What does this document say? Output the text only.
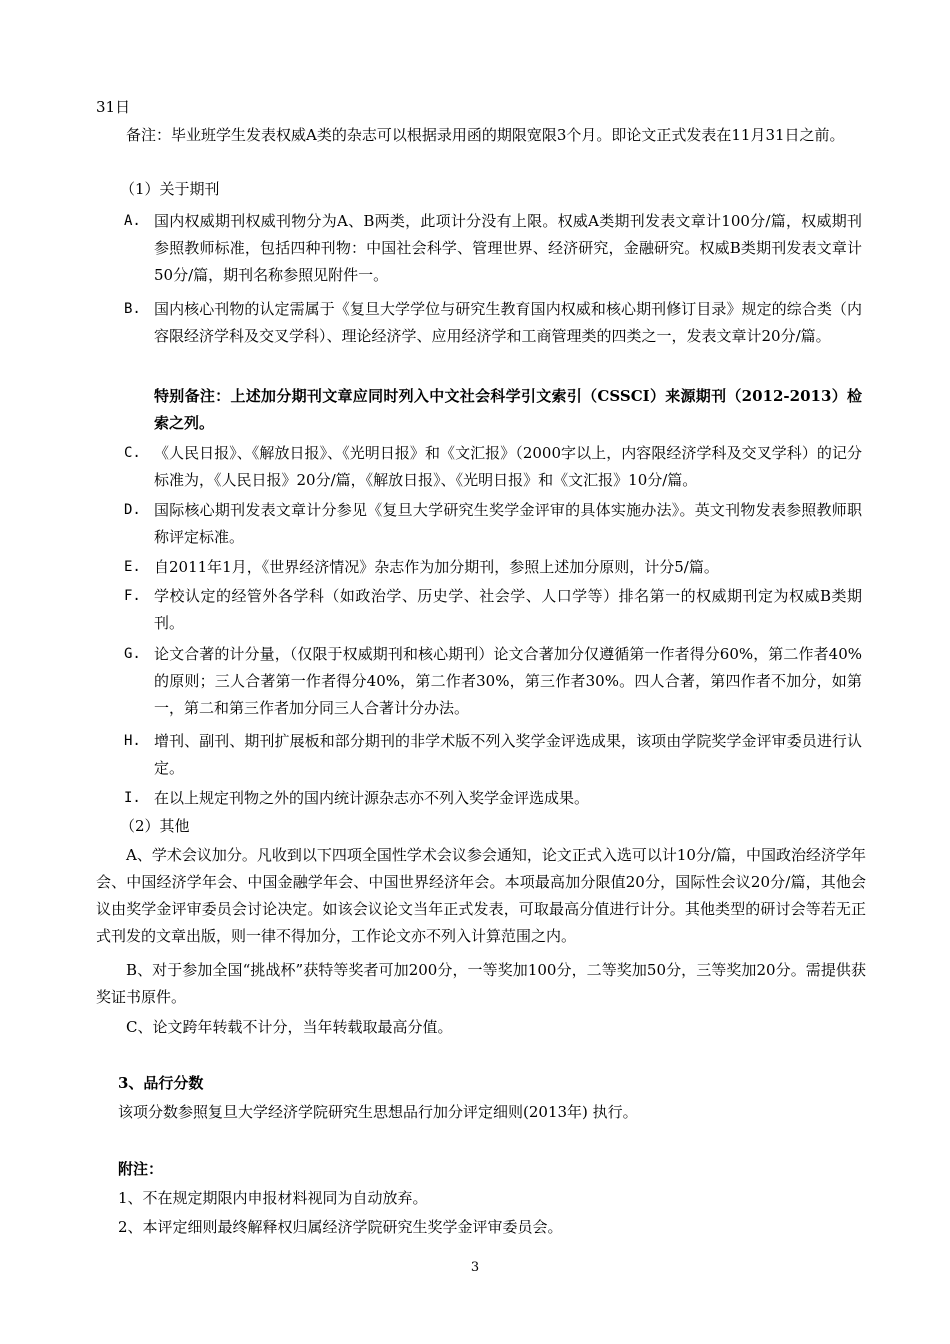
31日

备注：毕业班学生发表权威A类的杂志可以根据录用函的期限宽限3个月。即论文正式发表在11月31日之前。

（1）关于期刊

A. 国内权威期刊权威刊物分为A、B两类，此项计分没有上限。权威A类期刊发表文章计100分/篇，权威期刊参照教师标准，包括四种刊物：中国社会科学、管理世界、经济研究，金融研究。权威B类期刊发表文章计50分/篇，期刊名称参照见附件一。
B. 国内核心刊物的认定需属于《复旦大学学位与研究生教育国内权威和核心期刊修订目录》规定的综合类（内容限经济学科及交叉学科）、理论经济学、应用经济学和工商管理类的四类之一，发表文章计20分/篇。
特别备注：上述加分期刊文章应同时列入中文社会科学引文索引（CSSCI）来源期刊（2012-2013）检索之列。
C. 《人民日报》、《解放日报》、《光明日报》和《文汇报》（2000字以上，内容限经济学科及交叉学科）的记分标准为，《人民日报》20分/篇，《解放日报》、《光明日报》和《文汇报》10分/篇。
D. 国际核心期刊发表文章计分参见《复旦大学研究生奖学金评审的具体实施办法》。英文刊物发表参照教师职称评定标准。
E. 自2011年1月，《世界经济情况》杂志作为加分期刊，参照上述加分原则，计分5/篇。
F. 学校认定的经管外各学科（如政治学、历史学、社会学、人口学等）排名第一的权威期刊定为权威B类期刊。
G. 论文合著的计分量，（仅限于权威期刊和核心期刊）论文合著加分仅遵循第一作者得分60%，第二作者40%的原则；三人合著第一作者得分40%，第二作者30%，第三作者30%。四人合著，第四作者不加分，如第一，第二和第三作者加分同三人合著计分办法。
H. 增刊、副刊、期刊扩展板和部分期刊的非学术版不列入奖学金评选成果，该项由学院奖学金评审委员进行认定。
I. 在以上规定刊物之外的国内统计源杂志亦不列入奖学金评选成果。

（2）其他

A、学术会议加分。凡收到以下四项全国性学术会议参会通知，论文正式入选可以计10分/篇，中国政治经济学年会、中国经济学年会、中国金融学年会、中国世界经济年会。本项最高加分限值20分，国际性会议20分/篇，其他会议由奖学金评审委员会讨论决定。如该会议论文当年正式发表，可取最高分值进行计分。其他类型的研讨会等若无正式刊发的文章出版，则一律不得加分，工作论文亦不列入计算范围之内。

B、对于参加全国“挑战杯”获特等奖者可加200分，一等奖加100分，二等奖加50分，三等奖加20分。需提供获奖证书原件。

C、论文跨年转载不计分，当年转载取最高分值。

3、品行分数

该项分数参照复旦大学经济学院研究生思想品行加分评定细则(2013年) 执行。

附注：

1、不在规定期限内申报材料视同为自动放弃。

2、本评定细则最终解释权归属经济学院研究生奖学金评审委员会。

3
